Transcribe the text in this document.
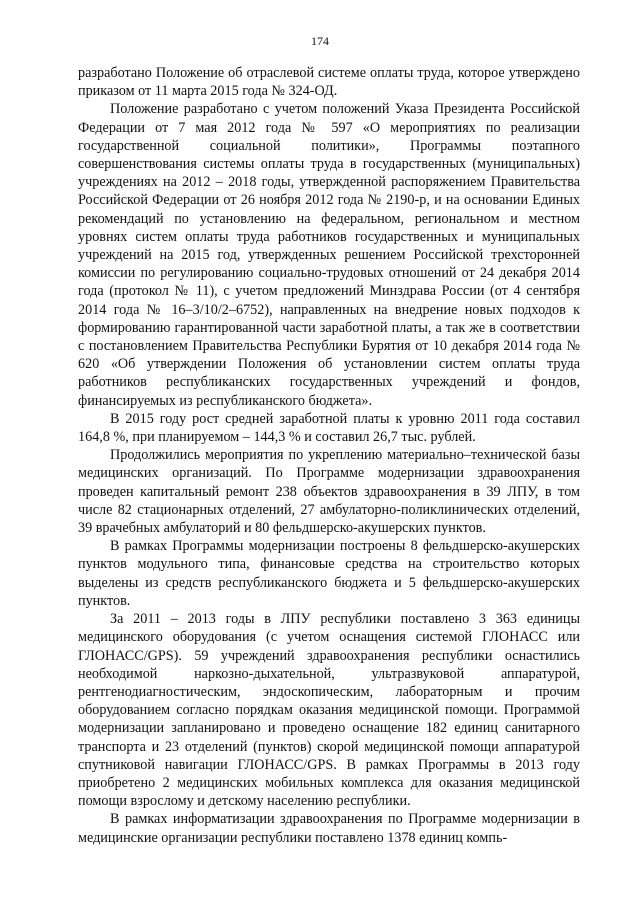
174

разработано Положение об отраслевой системе оплаты труда, которое утверждено приказом от 11 марта 2015 года № 324-ОД.

Положение разработано с учетом положений Указа Президента Российской Федерации от 7 мая 2012 года № 597 «О мероприятиях по реализации государственной социальной политики», Программы поэтапного совершенствования системы оплаты труда в государственных (муниципальных) учреждениях на 2012 – 2018 годы, утвержденной распоряжением Правительства Российской Федерации от 26 ноября 2012 года № 2190-р, и на основании Единых рекомендаций по установлению на федеральном, региональном и местном уровнях систем оплаты труда работников государственных и муниципальных учреждений на 2015 год, утвержденных решением Российской трехсторонней комиссии по регулированию социально-трудовых отношений от 24 декабря 2014 года (протокол № 11), с учетом предложений Минздрава России (от 4 сентября 2014 года № 16–3/10/2–6752), направленных на внедрение новых подходов к формированию гарантированной части заработной платы, а так же в соответствии с постановлением Правительства Республики Бурятия от 10 декабря 2014 года № 620 «Об утверждении Положения об установлении систем оплаты труда работников республиканских государственных учреждений и фондов, финансируемых из республиканского бюджета».

В 2015 году рост средней заработной платы к уровню 2011 года составил 164,8 %, при планируемом – 144,3 % и составил 26,7 тыс. рублей.

Продолжились мероприятия по укреплению материально–технической базы медицинских организаций. По Программе модернизации здравоохранения проведен капитальный ремонт 238 объектов здравоохранения в 39 ЛПУ, в том числе 82 стационарных отделений, 27 амбулаторно-поликлинических отделений, 39 врачебных амбулаторий и 80 фельдшерско-акушерских пунктов.

В рамках Программы модернизации построены 8 фельдшерско-акушерских пунктов модульного типа, финансовые средства на строительство которых выделены из средств республиканского бюджета и 5 фельдшерско-акушерских пунктов.

За 2011 – 2013 годы в ЛПУ республики поставлено 3 363 единицы медицинского оборудования (с учетом оснащения системой ГЛОНАСС или ГЛОНАСС/GPS). 59 учреждений здравоохранения республики оснастились необходимой наркозно-дыхательной, ультразвуковой аппаратурой, рентгенодиагностическим, эндоскопическим, лабораторным и прочим оборудованием согласно порядкам оказания медицинской помощи. Программой модернизации запланировано и проведено оснащение 182 единиц санитарного транспорта и 23 отделений (пунктов) скорой медицинской помощи аппаратурой спутниковой навигации ГЛОНАСС/GPS. В рамках Программы в 2013 году приобретено 2 медицинских мобильных комплекса для оказания медицинской помощи взрослому и детскому населению республики.

В рамках информатизации здравоохранения по Программе модернизации в медицинские организации республики поставлено 1378 единиц компь-
